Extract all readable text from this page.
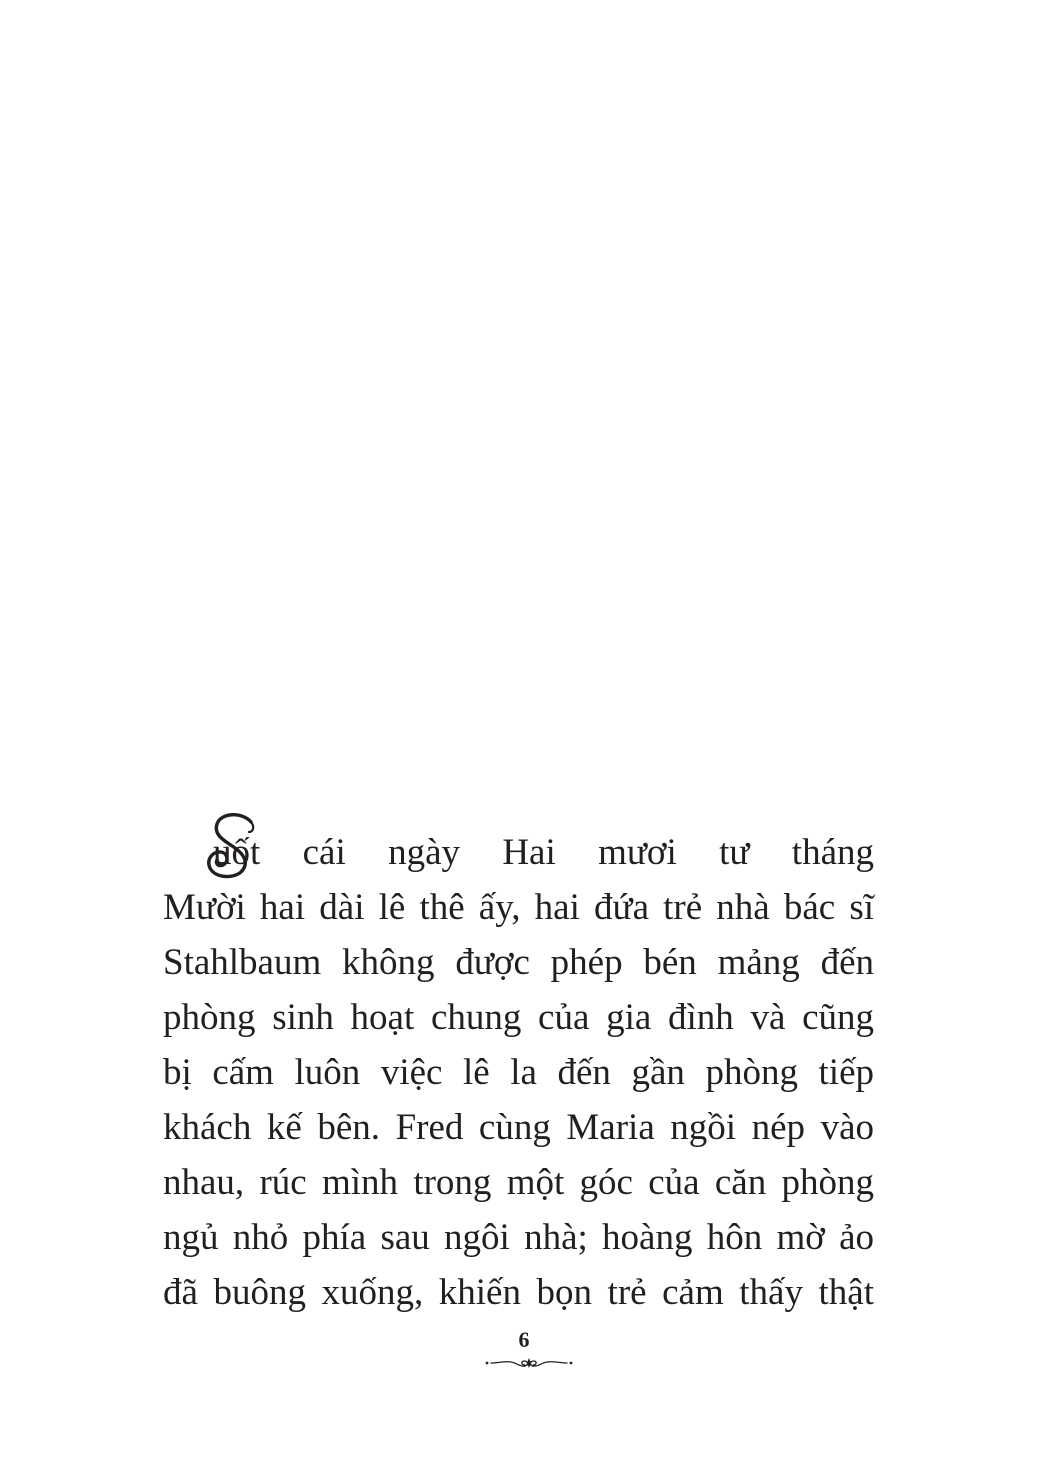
uốt cái ngày Hai mươi tư tháng
Mười hai dài lê thê ấy, hai đứa trẻ nhà bác sĩ
Stahlbaum không được phép bén mảng đến
phòng sinh hoạt chung của gia đình và cũng
bị cấm luôn việc lê la đến gần phòng tiếp
khách kế bên. Fred cùng Maria ngồi nép vào
nhau, rúc mình trong một góc của căn phòng
ngủ nhỏ phía sau ngôi nhà; hoàng hôn mờ ảo
đã buông xuống, khiến bọn trẻ cảm thấy thật
6
